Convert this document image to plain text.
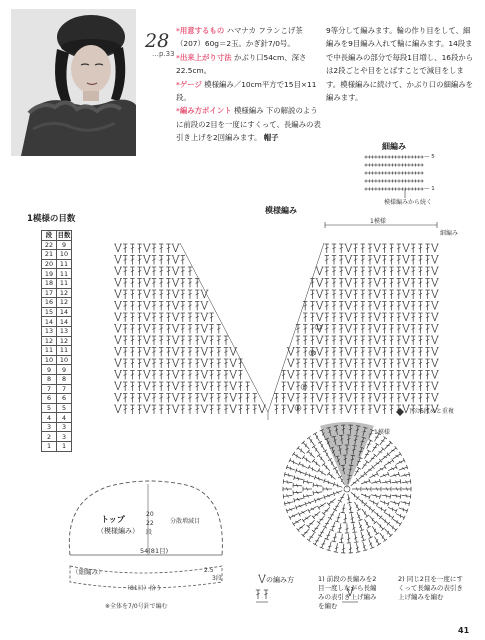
28
…p.33
*用意するもの ハマナカ フランこげ茶（207）60g＝2玉。かぎ針7/0号。
*出来上がり寸法 かぶり口54cm、深さ22.5cm。
*ゲージ 模様編み／10cm平方で15目×11段。
*編み方ポイント 模様編み 下の解説のように前段の2目を一度にすくって、長編みの表引き上げを2回編みます。 帽子
9等分して編みます。輪の作り目をして、細編みを9目編み入れて輪に編みます。14段まで中長編みの部分で毎段1目増し、16段からは2段ごとや目をとばすことで減目をします。模様編みに続けて、かぶり口の細編みを編みます。
細編み
模様編み
1模様の目数
段	目数
22	9
21	10
20	11
19	11
18	11
17	12
16	12
15	14
14	14
13	13
12	12
11	11
10	10
9	9
8	8
7	7
6	6
5	5
4	4
3	3
2	3
1	1
— 5
— 1
模様編みから続く
1模様
細編み
10
8
6
12
下の6段めと重複
1模様
20
22
段
トップ
（模様編み）
分散増減目
54(81目)
（細編み）	2.5
3段
（81目）拾う
※全体を7/0号針で編む
の編み方	1) 前段の長編みを2目一度しながら長編みの表引き上げ編みを編む
2) 同じ2目を一度にすくって長編みの表引き上げ編みを編む
41
